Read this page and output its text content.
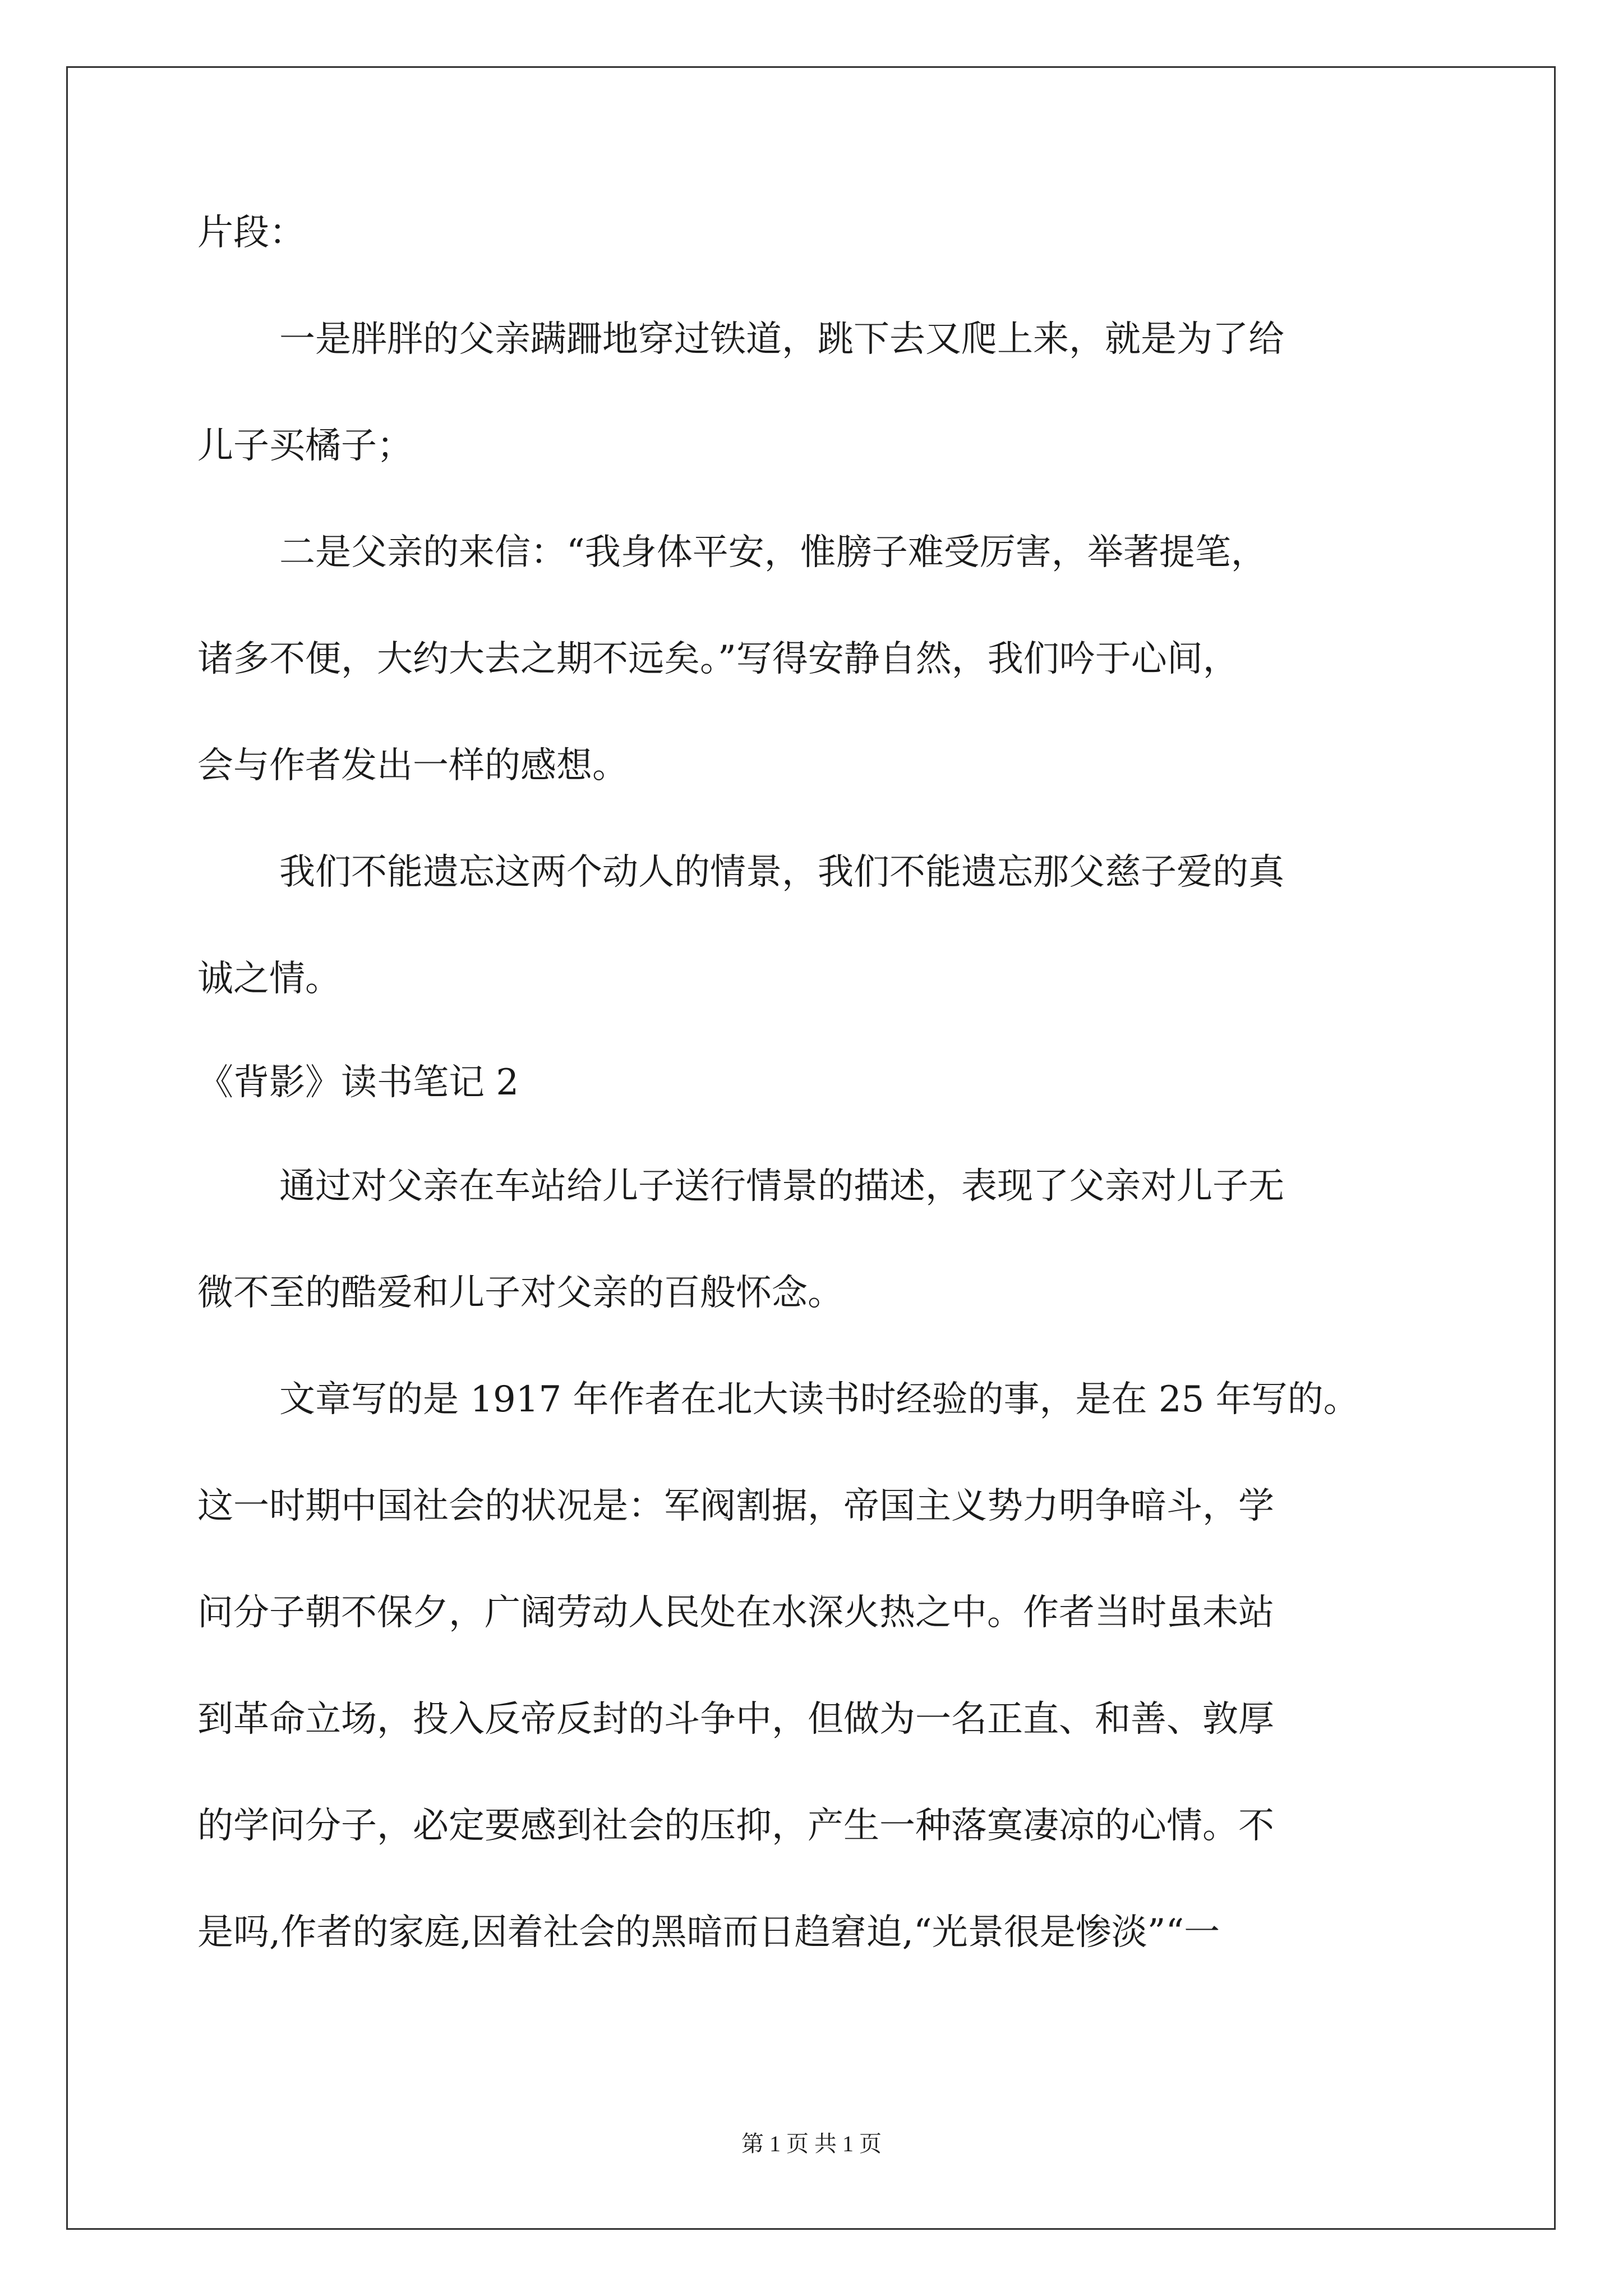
片段：
一是胖胖的父亲蹒跚地穿过铁道，跳下去又爬上来，就是为了给
儿子买橘子；
二是父亲的来信：“我身体平安，惟膀子难受厉害，举著提笔，
诸多不便，大约大去之期不远矣。”写得安静自然，我们吟于心间，
会与作者发出一样的感想。
我们不能遗忘这两个动人的情景，我们不能遗忘那父慈子爱的真
诚之情。
《背影》读书笔记 2
通过对父亲在车站给儿子送行情景的描述，表现了父亲对儿子无
微不至的酷爱和儿子对父亲的百般怀念。
文章写的是 1917 年作者在北大读书时经验的事，是在 25 年写的。
这一时期中国社会的状况是：军阀割据，帝国主义势力明争暗斗，学
问分子朝不保夕，广阔劳动人民处在水深火热之中。作者当时虽未站
到革命立场，投入反帝反封的斗争中，但做为一名正直、和善、敦厚
的学问分子，必定要感到社会的压抑，产生一种落寞凄凉的心情。不
是吗,作者的家庭,因着社会的黑暗而日趋窘迫,“光景很是惨淡”“一
第 1 页 共 1 页
